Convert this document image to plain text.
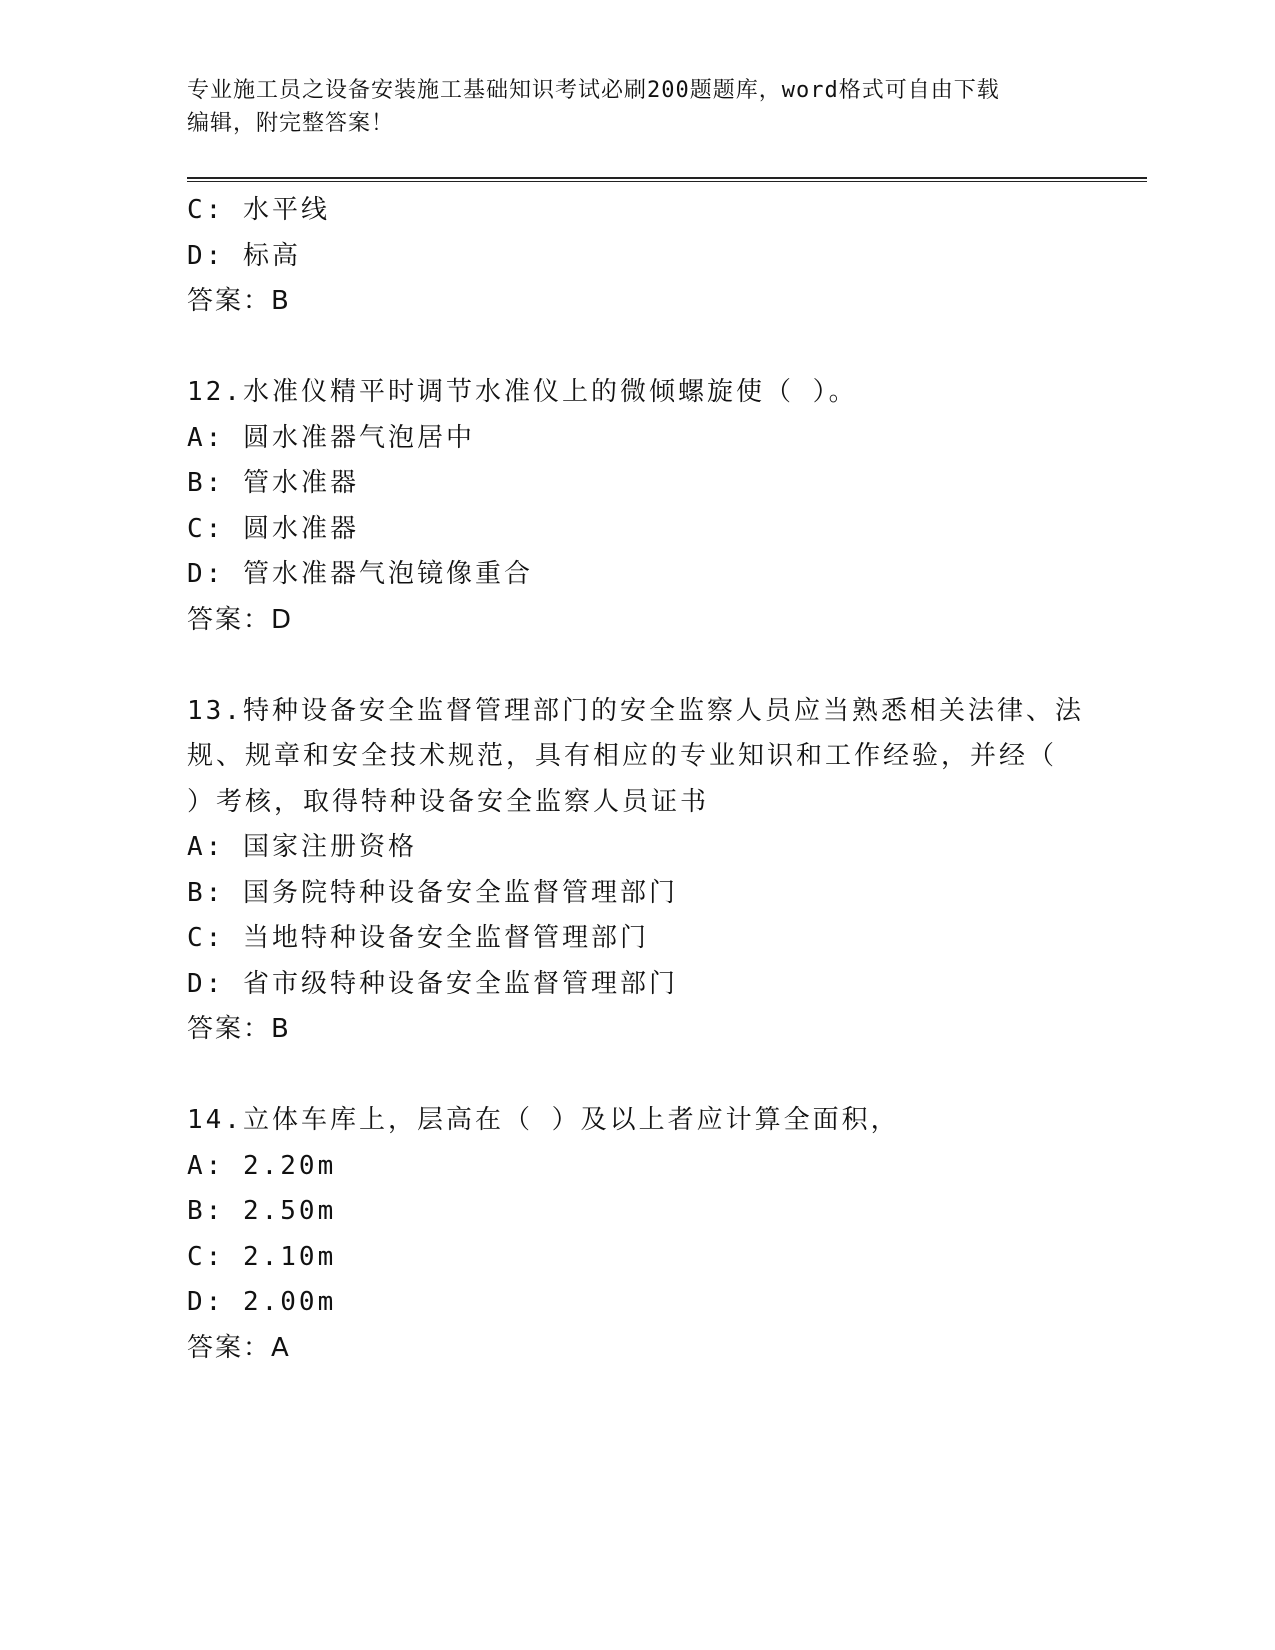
专业施工员之设备安装施工基础知识考试必刷200题题库，word格式可自由下载
编辑，附完整答案！
C: 水平线
D: 标高
答案：B
12.水准仪精平时调节水准仪上的微倾螺旋使（ ）。
A: 圆水准器气泡居中
B: 管水准器
C: 圆水准器
D: 管水准器气泡镜像重合
答案：D
13.特种设备安全监督管理部门的安全监察人员应当熟悉相关法律、法
规、规章和安全技术规范，具有相应的专业知识和工作经验，并经（
）考核，取得特种设备安全监察人员证书
A: 国家注册资格
B: 国务院特种设备安全监督管理部门
C: 当地特种设备安全监督管理部门
D: 省市级特种设备安全监督管理部门
答案：B
14.立体车库上，层高在（ ）及以上者应计算全面积，
A: 2.20m
B: 2.50m
C: 2.10m
D: 2.00m
答案：A
